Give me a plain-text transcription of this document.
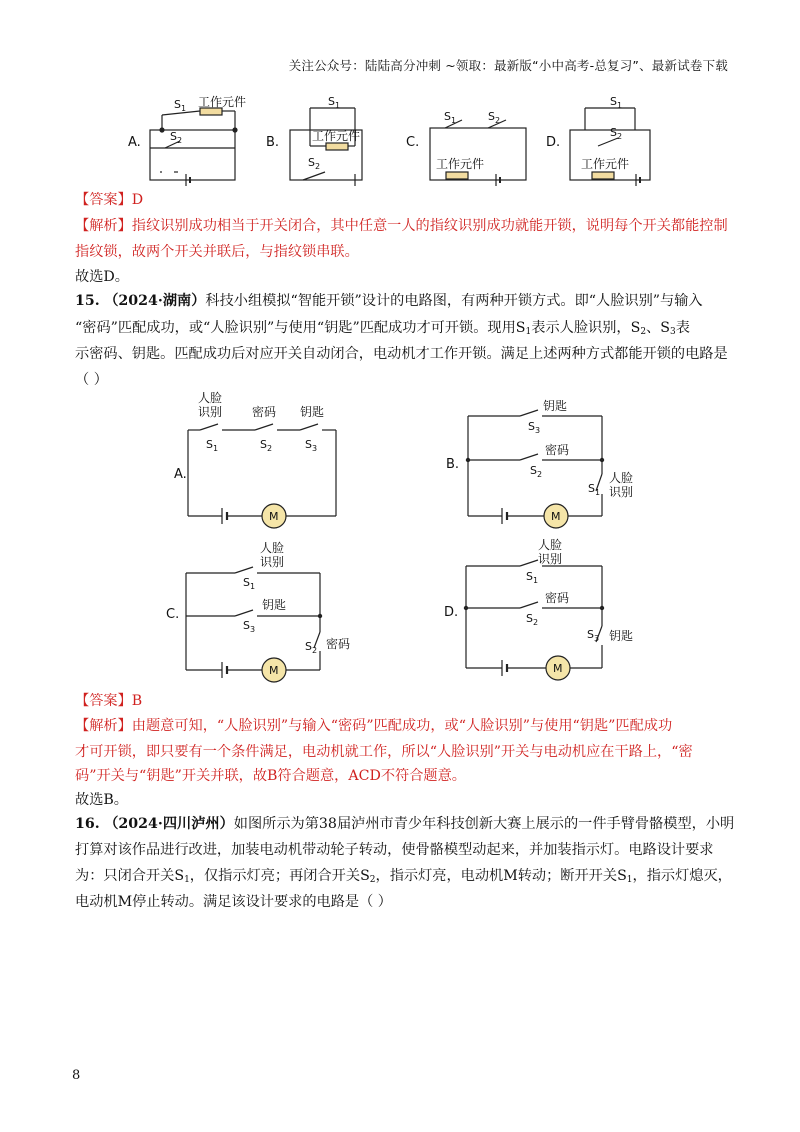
关注公众号：陆陆高分冲刺 ~领取：最新版“小中高考-总复习”、最新试卷下载
A.	B.	C.	D.
工作元件
工作元件
工作元件	工作元件
$S_1$
$S_2$
$S_1$
$S_2$
$S_1$	$S_2$
$S_1$
$S_2$
【答案】D
【解析】指纹识别成功相当于开关闭合，其中任意一人的指纹识别成功就能开锁，说明每个开关都能控制
指纹锁，故两个开关并联后，与指纹锁串联。
故选D。
15. （2024·湖南）科技小组模拟“智能开锁”设计的电路图，有两种开锁方式。即“人脸识别”与输入
“密码”匹配成功，或“人脸识别”与使用“钥匙”匹配成功才可开锁。现用S1表示人脸识别，S2、S3表
示密码、钥匙。匹配成功后对应开关自动闭合，电动机才工作开锁。满足上述两种方式都能开锁的电路是
（ ）
A.
B.
C.	D.
人脸
识别 密码 钥匙
M
钥匙
密码
人脸
识别
M
人脸
识别
钥匙
密码
M
人脸
识别
密码
钥匙
M
$S_1$	$S_2$	$S_3$
$S_3$
$S_2$
$S_1$
$S_1$
$S_3$
$S_2$
$S_1$
$S_2$
$S_3$
【答案】B
【解析】由题意可知，“人脸识别”与输入“密码”匹配成功，或“人脸识别”与使用“钥匙”匹配成功
才可开锁，即只要有一个条件满足，电动机就工作，所以“人脸识别”开关与电动机应在干路上，“密
码”开关与“钥匙”开关并联，故B符合题意，ACD不符合题意。
故选B。
16. （2024·四川泸州）如图所示为第38届泸州市青少年科技创新大赛上展示的一件手臂骨骼模型，小明
打算对该作品进行改进，加装电动机带动轮子转动，使骨骼模型动起来，并加装指示灯。电路设计要求
为：只闭合开关S1，仅指示灯亮；再闭合开关S2，指示灯亮，电动机M转动；断开开关S1，指示灯熄灭，
电动机M停止转动。满足该设计要求的电路是（ ）
8
